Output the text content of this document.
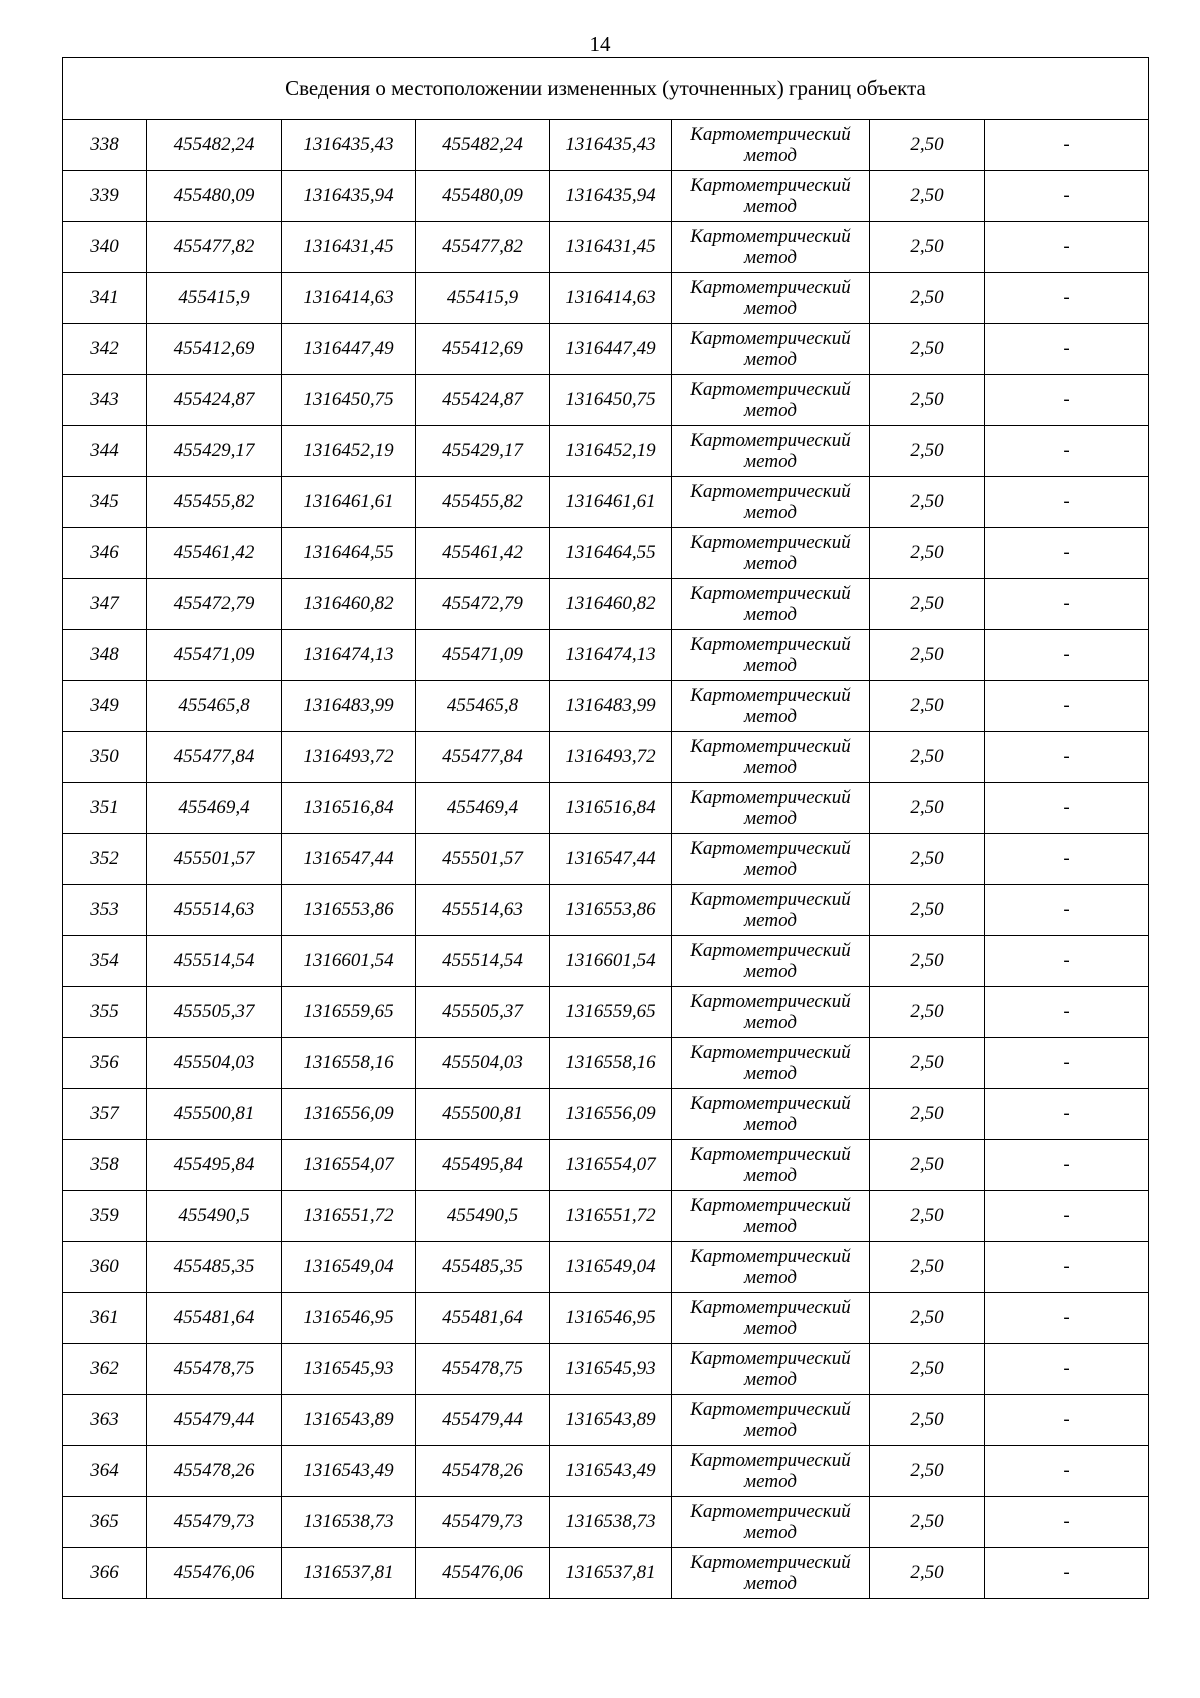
14
Сведения о местоположении измененных (уточненных) границ объекта							
338	455482,24	1316435,43	455482,24	1316435,43	Картометрический
метод	2,50	-
339	455480,09	1316435,94	455480,09	1316435,94	Картометрический
метод	2,50	-
340	455477,82	1316431,45	455477,82	1316431,45	Картометрический
метод	2,50	-
341	455415,9	1316414,63	455415,9	1316414,63	Картометрический
метод	2,50	-
342	455412,69	1316447,49	455412,69	1316447,49	Картометрический
метод	2,50	-
343	455424,87	1316450,75	455424,87	1316450,75	Картометрический
метод	2,50	-
344	455429,17	1316452,19	455429,17	1316452,19	Картометрический
метод	2,50	-
345	455455,82	1316461,61	455455,82	1316461,61	Картометрический
метод	2,50	-
346	455461,42	1316464,55	455461,42	1316464,55	Картометрический
метод	2,50	-
347	455472,79	1316460,82	455472,79	1316460,82	Картометрический
метод	2,50	-
348	455471,09	1316474,13	455471,09	1316474,13	Картометрический
метод	2,50	-
349	455465,8	1316483,99	455465,8	1316483,99	Картометрический
метод	2,50	-
350	455477,84	1316493,72	455477,84	1316493,72	Картометрический
метод	2,50	-
351	455469,4	1316516,84	455469,4	1316516,84	Картометрический
метод	2,50	-
352	455501,57	1316547,44	455501,57	1316547,44	Картометрический
метод	2,50	-
353	455514,63	1316553,86	455514,63	1316553,86	Картометрический
метод	2,50	-
354	455514,54	1316601,54	455514,54	1316601,54	Картометрический
метод	2,50	-
355	455505,37	1316559,65	455505,37	1316559,65	Картометрический
метод	2,50	-
356	455504,03	1316558,16	455504,03	1316558,16	Картометрический
метод	2,50	-
357	455500,81	1316556,09	455500,81	1316556,09	Картометрический
метод	2,50	-
358	455495,84	1316554,07	455495,84	1316554,07	Картометрический
метод	2,50	-
359	455490,5	1316551,72	455490,5	1316551,72	Картометрический
метод	2,50	-
360	455485,35	1316549,04	455485,35	1316549,04	Картометрический
метод	2,50	-
361	455481,64	1316546,95	455481,64	1316546,95	Картометрический
метод	2,50	-
362	455478,75	1316545,93	455478,75	1316545,93	Картометрический
метод	2,50	-
363	455479,44	1316543,89	455479,44	1316543,89	Картометрический
метод	2,50	-
364	455478,26	1316543,49	455478,26	1316543,49	Картометрический
метод	2,50	-
365	455479,73	1316538,73	455479,73	1316538,73	Картометрический
метод	2,50	-
366	455476,06	1316537,81	455476,06	1316537,81	Картометрический
метод	2,50	-
